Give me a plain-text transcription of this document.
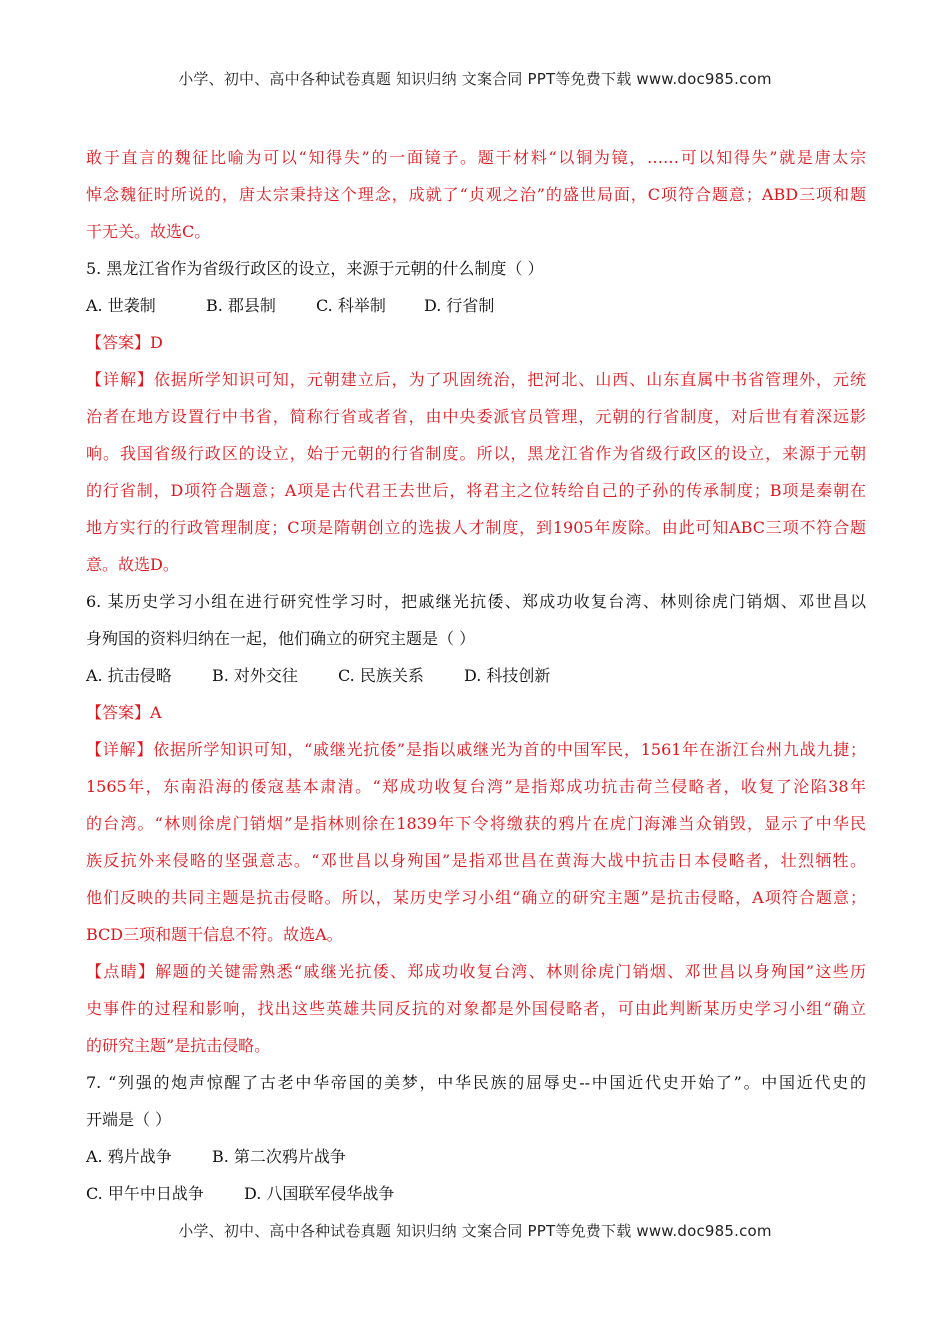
小学、初中、高中各种试卷真题 知识归纳 文案合同 PPT等免费下载 www.doc985.com
敢于直言的魏征比喻为可以“知得失”的一面镜子。题干材料“以铜为镜，……可以知得失”就是唐太宗
悼念魏征时所说的，唐太宗秉持这个理念，成就了“贞观之治”的盛世局面，C项符合题意；ABD三项和题
干无关。故选C。
5. 黑龙江省作为省级行政区的设立，来源于元朝的什么制度（ ）
A. 世袭制	B. 郡县制	C. 科举制 D. 行省制
【答案】D
【详解】依据所学知识可知，元朝建立后，为了巩固统治，把河北、山西、山东直属中书省管理外，元统
治者在地方设置行中书省，简称行省或者省，由中央委派官员管理，元朝的行省制度，对后世有着深远影
响。我国省级行政区的设立，始于元朝的行省制度。所以，黑龙江省作为省级行政区的设立，来源于元朝
的行省制，D项符合题意；A项是古代君王去世后，将君主之位转给自己的子孙的传承制度；B项是秦朝在
地方实行的行政管理制度；C项是隋朝创立的选拔人才制度，到1905年废除。由此可知ABC三项不符合题
意。故选D。
6. 某历史学习小组在进行研究性学习时，把戚继光抗倭、郑成功收复台湾、林则徐虎门销烟、邓世昌以
身殉国的资料归纳在一起，他们确立的研究主题是（ ）
A. 抗击侵略	B. 对外交往	C. 民族关系	D. 科技创新
【答案】A
【详解】依据所学知识可知，“戚继光抗倭”是指以戚继光为首的中国军民，1561年在浙江台州九战九捷；
1565年，东南沿海的倭寇基本肃清。“郑成功收复台湾”是指郑成功抗击荷兰侵略者，收复了沦陷38年
的台湾。“林则徐虎门销烟”是指林则徐在1839年下令将缴获的鸦片在虎门海滩当众销毁，显示了中华民
族反抗外来侵略的坚强意志。“邓世昌以身殉国”是指邓世昌在黄海大战中抗击日本侵略者，壮烈牺牲。
他们反映的共同主题是抗击侵略。所以，某历史学习小组“确立的研究主题”是抗击侵略，A项符合题意；
BCD三项和题干信息不符。故选A。
【点睛】解题的关键需熟悉“戚继光抗倭、郑成功收复台湾、林则徐虎门销烟、邓世昌以身殉国”这些历
史事件的过程和影响，找出这些英雄共同反抗的对象都是外国侵略者，可由此判断某历史学习小组“确立
的研究主题”是抗击侵略。
7. “列强的炮声惊醒了古老中华帝国的美梦，中华民族的屈辱史--中国近代史开始了”。中国近代史的
开端是（ ）
A. 鸦片战争	B. 第二次鸦片战争
C. 甲午中日战争	D. 八国联军侵华战争
小学、初中、高中各种试卷真题 知识归纳 文案合同 PPT等免费下载 www.doc985.com
